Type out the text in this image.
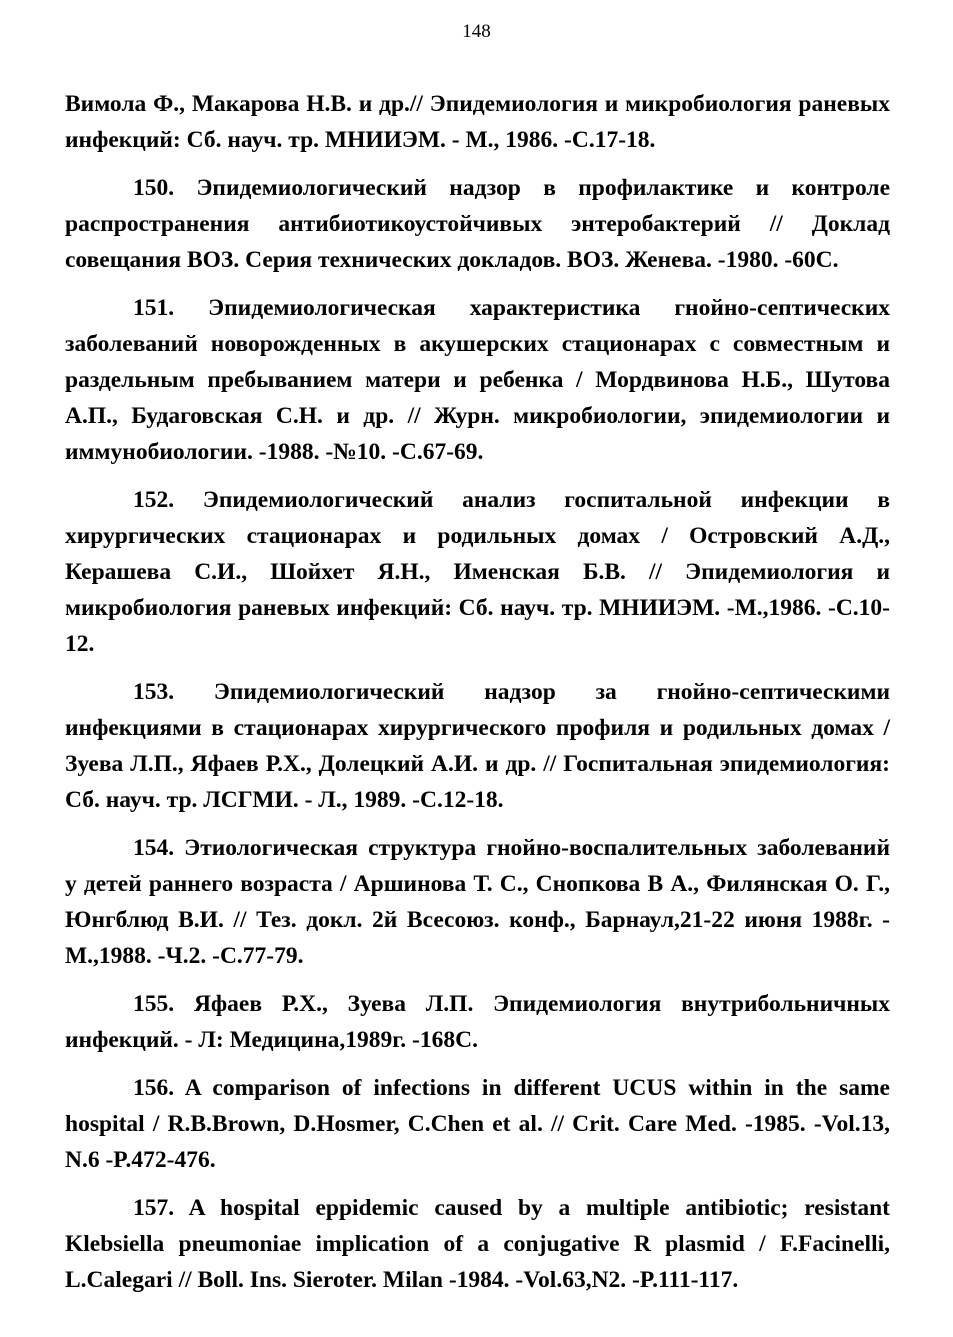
148

Вимола Ф., Макарова Н.В. и др.// Эпидемиология и микробиология раневых инфекций: Сб. науч. тр. МНИИЭМ. - М., 1986. -С.17-18.

150. Эпидемиологический надзор в профилактике и контроле распространения антибиотикоустойчивых энтеробактерий // Доклад совещания ВОЗ. Серия технических докладов. ВОЗ. Женева. -1980. -60С.

151. Эпидемиологическая характеристика гнойно-септических заболеваний новорожденных в акушерских стационарах с совместным и раздельным пребыванием матери и ребенка / Мордвинова Н.Б., Шутова А.П., Будаговская С.Н. и др. // Журн. микробиологии, эпидемиологии и иммунобиологии. -1988. -№10. -С.67-69.

152. Эпидемиологический анализ госпитальной инфекции в хирургических стационарах и родильных домах / Островский А.Д., Керашева С.И., Шойхет Я.Н., Именская Б.В. // Эпидемиология и микробиология раневых инфекций: Сб. науч. тр. МНИИЭМ. -М.,1986. -С.10-12.

153. Эпидемиологический надзор за гнойно-септическими инфекциями в стационарах хирургического профиля и родильных домах / Зуева Л.П., Яфаев Р.Х., Долецкий А.И. и др. // Госпитальная эпидемиология: Сб. науч. тр. ЛСГМИ. - Л., 1989. -С.12-18.

154. Этиологическая структура гнойно-воспалительных заболеваний у детей раннего возраста / Аршинова Т. С., Снопкова В А., Филянская О. Г., Юнгблюд В.И. // Тез. докл. 2й Всесоюз. конф., Барнаул,21-22 июня 1988г. - М.,1988. -Ч.2. -С.77-79.

155. Яфаев Р.Х., Зуева Л.П. Эпидемиология внутрибольничных инфекций. - Л: Медицина,1989г. -168С.

156. A comparison of infections in different UCUS within in the same hospital / R.B.Brown, D.Hosmer, C.Chen et al. // Crit. Care Med. -1985. -Vol.13, N.6 -P.472-476.

157. A hospital eppidemic caused by a multiple antibiotic; resistant Klebsiella pneumoniae implication of a conjugative R plasmid / F.Facinelli, L.Calegari // Boll. Ins. Sieroter. Milan -1984. -Vol.63,N2. -P.111-117.
